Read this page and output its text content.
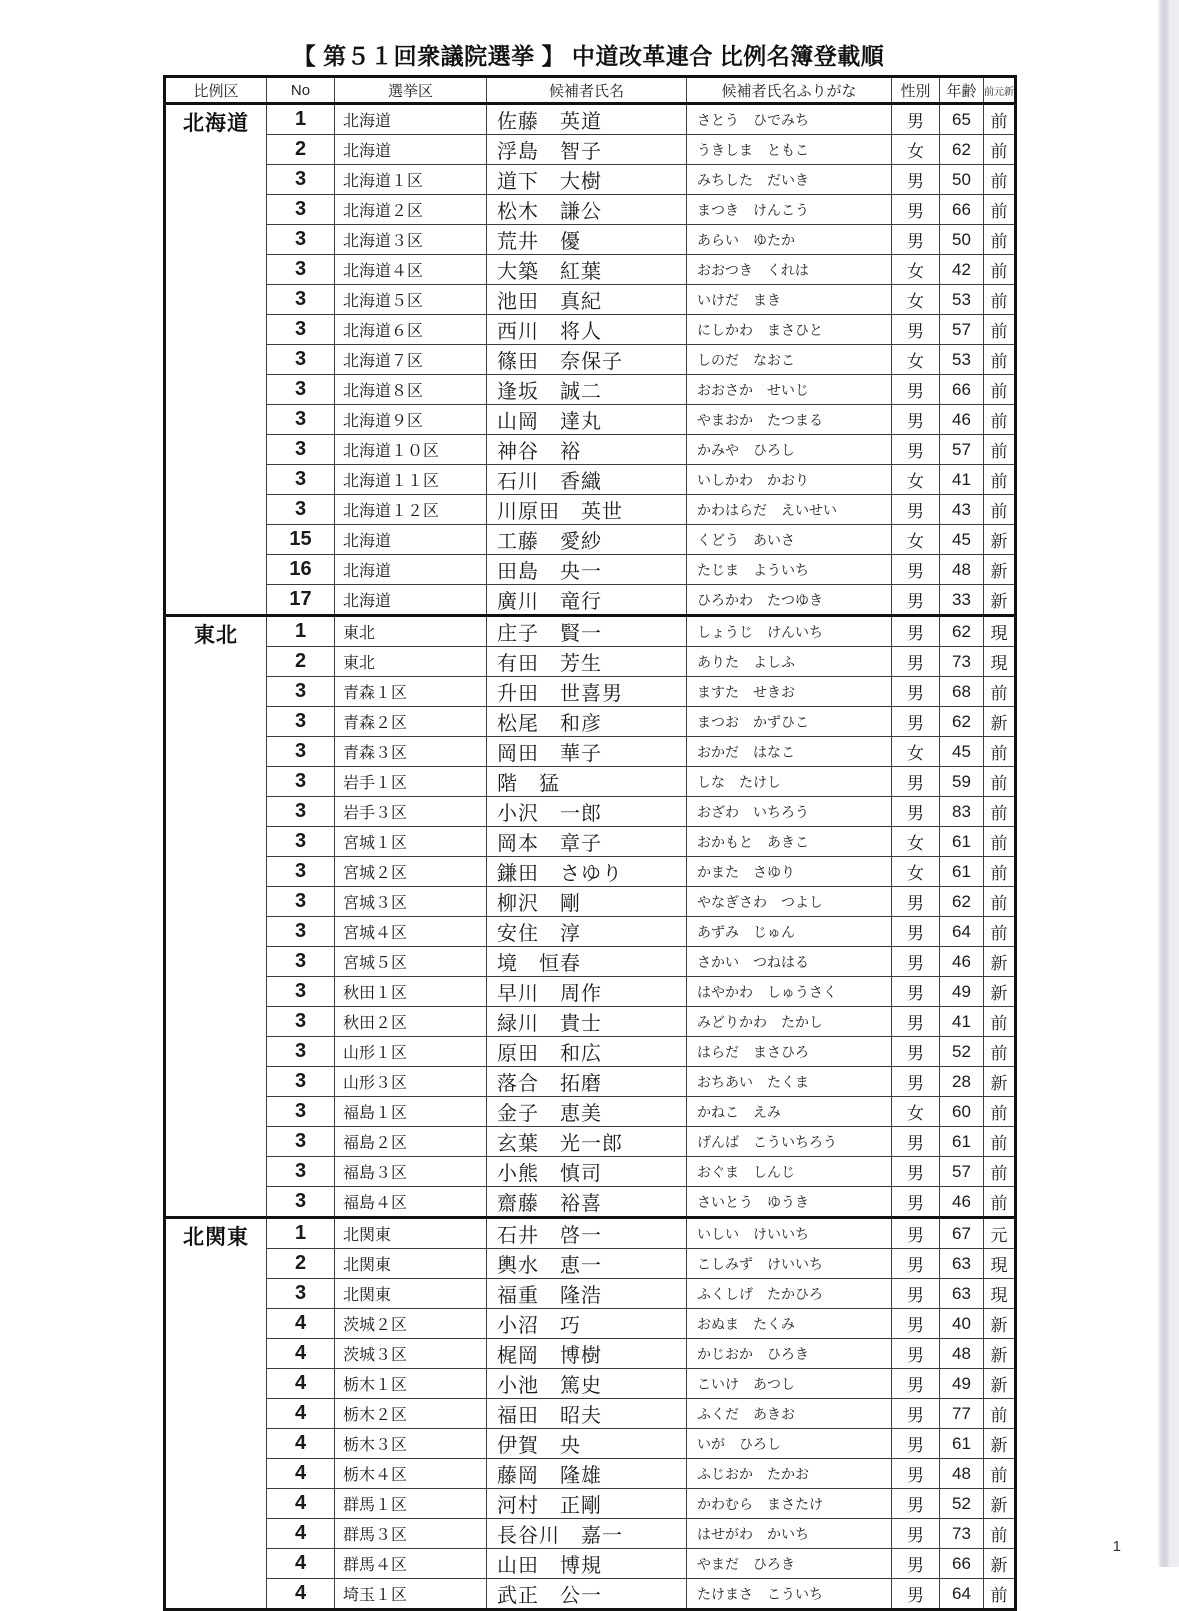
【 第５１回衆議院選挙 】 中道改革連合 比例名簿登載順
比例区	No	選挙区	候補者氏名	候補者氏名ふりがな	性別	年齢	前元新
北海道	1	北海道	佐藤　英道	さとう　ひでみち	男	65	前
	2	北海道	浮島　智子	うきしま　ともこ	女	62	前
	3	北海道１区	道下　大樹	みちした　だいき	男	50	前
	3	北海道２区	松木　謙公	まつき　けんこう	男	66	前
	3	北海道３区	荒井　優	あらい　ゆたか	男	50	前
	3	北海道４区	大築　紅葉	おおつき　くれは	女	42	前
	3	北海道５区	池田　真紀	いけだ　まき	女	53	前
	3	北海道６区	西川　将人	にしかわ　まさひと	男	57	前
	3	北海道７区	篠田　奈保子	しのだ　なおこ	女	53	前
	3	北海道８区	逢坂　誠二	おおさか　せいじ	男	66	前
	3	北海道９区	山岡　達丸	やまおか　たつまる	男	46	前
	3	北海道１０区	神谷　裕	かみや　ひろし	男	57	前
	3	北海道１１区	石川　香織	いしかわ　かおり	女	41	前
	3	北海道１２区	川原田　英世	かわはらだ　えいせい	男	43	前
	15	北海道	工藤　愛紗	くどう　あいさ	女	45	新
	16	北海道	田島　央一	たじま　よういち	男	48	新
	17	北海道	廣川　竜行	ひろかわ　たつゆき	男	33	新
東北	1	東北	庄子　賢一	しょうじ　けんいち	男	62	現
	2	東北	有田　芳生	ありた　よしふ	男	73	現
	3	青森１区	升田　世喜男	ますた　せきお	男	68	前
	3	青森２区	松尾　和彦	まつお　かずひこ	男	62	新
	3	青森３区	岡田　華子	おかだ　はなこ	女	45	前
	3	岩手１区	階　猛	しな　たけし	男	59	前
	3	岩手３区	小沢　一郎	おざわ　いちろう	男	83	前
	3	宮城１区	岡本　章子	おかもと　あきこ	女	61	前
	3	宮城２区	鎌田　さゆり	かまた　さゆり	女	61	前
	3	宮城３区	柳沢　剛	やなぎさわ　つよし	男	62	前
	3	宮城４区	安住　淳	あずみ　じゅん	男	64	前
	3	宮城５区	境　恒春	さかい　つねはる	男	46	新
	3	秋田１区	早川　周作	はやかわ　しゅうさく	男	49	新
	3	秋田２区	緑川　貴士	みどりかわ　たかし	男	41	前
	3	山形１区	原田　和広	はらだ　まさひろ	男	52	前
	3	山形３区	落合　拓磨	おちあい　たくま	男	28	新
	3	福島１区	金子　恵美	かねこ　えみ	女	60	前
	3	福島２区	玄葉　光一郎	げんば　こういちろう	男	61	前
	3	福島３区	小熊　慎司	おぐま　しんじ	男	57	前
	3	福島４区	齋藤　裕喜	さいとう　ゆうき	男	46	前
北関東	1	北関東	石井　啓一	いしい　けいいち	男	67	元
	2	北関東	輿水　恵一	こしみず　けいいち	男	63	現
	3	北関東	福重　隆浩	ふくしげ　たかひろ	男	63	現
	4	茨城２区	小沼　巧	おぬま　たくみ	男	40	新
	4	茨城３区	梶岡　博樹	かじおか　ひろき	男	48	新
	4	栃木１区	小池　篤史	こいけ　あつし	男	49	新
	4	栃木２区	福田　昭夫	ふくだ　あきお	男	77	前
	4	栃木３区	伊賀　央	いが　ひろし	男	61	新
	4	栃木４区	藤岡　隆雄	ふじおか　たかお	男	48	前
	4	群馬１区	河村　正剛	かわむら　まさたけ	男	52	新
	4	群馬３区	長谷川　嘉一	はせがわ　かいち	男	73	前
	4	群馬４区	山田　博規	やまだ　ひろき	男	66	新
	4	埼玉１区	武正　公一	たけまさ　こういち	男	64	前
1
